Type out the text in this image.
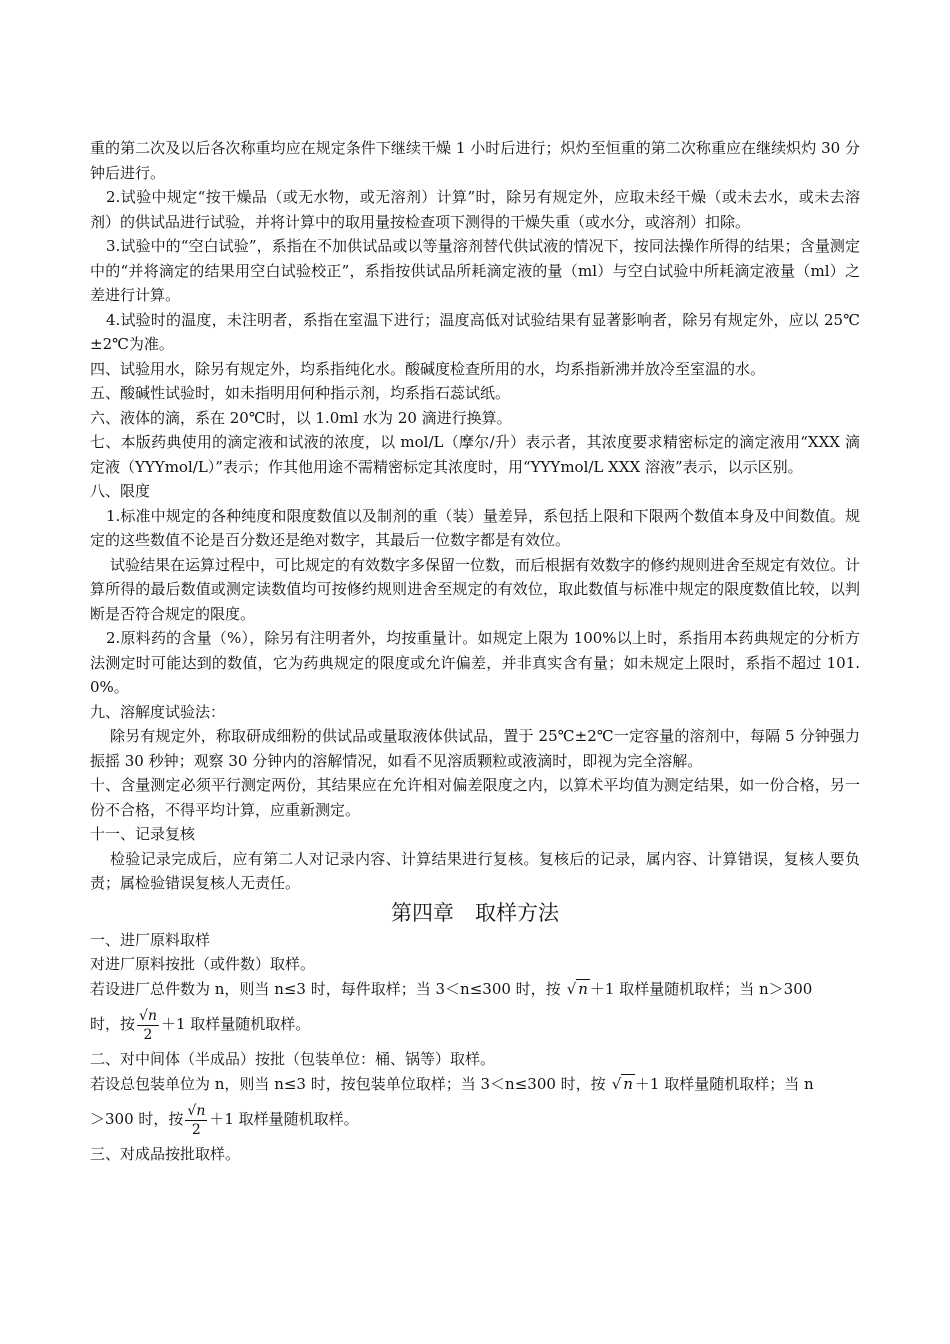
重的第二次及以后各次称重均应在规定条件下继续干燥 1 小时后进行；炽灼至恒重的第二次称重应在继续炽灼 30 分钟后进行。

2.试验中规定“按干燥品（或无水物，或无溶剂）计算”时，除另有规定外，应取未经干燥（或未去水，或未去溶剂）的供试品进行试验，并将计算中的取用量按检查项下测得的干燥失重（或水分，或溶剂）扣除。

3.试验中的“空白试验”，系指在不加供试品或以等量溶剂替代供试液的情况下，按同法操作所得的结果；含量测定中的“并将滴定的结果用空白试验校正”，系指按供试品所耗滴定液的量（ml）与空白试验中所耗滴定液量（ml）之差进行计算。

4.试验时的温度，未注明者，系指在室温下进行；温度高低对试验结果有显著影响者，除另有规定外，应以 25℃±2℃为准。

四、试验用水，除另有规定外，均系指纯化水。酸碱度检查所用的水，均系指新沸并放冷至室温的水。

五、酸碱性试验时，如未指明用何种指示剂，均系指石蕊试纸。

六、液体的滴，系在 20℃时，以 1.0ml 水为 20 滴进行换算。

七、本版药典使用的滴定液和试液的浓度，以 mol/L（摩尔/升）表示者，其浓度要求精密标定的滴定液用“XXX 滴定液（YYYmol/L）”表示；作其他用途不需精密标定其浓度时，用“YYYmol/L XXX 溶液”表示，以示区别。

八、限度

1.标准中规定的各种纯度和限度数值以及制剂的重（装）量差异，系包括上限和下限两个数值本身及中间数值。规定的这些数值不论是百分数还是绝对数字，其最后一位数字都是有效位。

试验结果在运算过程中，可比规定的有效数字多保留一位数，而后根据有效数字的修约规则进舍至规定有效位。计算所得的最后数值或测定读数值均可按修约规则进舍至规定的有效位，取此数值与标准中规定的限度数值比较，以判断是否符合规定的限度。

2.原料药的含量（%），除另有注明者外，均按重量计。如规定上限为 100%以上时，系指用本药典规定的分析方法测定时可能达到的数值，它为药典规定的限度或允许偏差，并非真实含有量；如未规定上限时，系指不超过 101.0%。

九、溶解度试验法：

除另有规定外，称取研成细粉的供试品或量取液体供试品，置于 25℃±2℃一定容量的溶剂中，每隔 5 分钟强力振摇 30 秒钟；观察 30 分钟内的溶解情况，如看不见溶质颗粒或液滴时，即视为完全溶解。

十、含量测定必须平行测定两份，其结果应在允许相对偏差限度之内，以算术平均值为测定结果，如一份合格，另一份不合格，不得平均计算，应重新测定。

十一、记录复核

检验记录完成后，应有第二人对记录内容、计算结果进行复核。复核后的记录，属内容、计算错误，复核人要负责；属检验错误复核人无责任。

第四章　取样方法

一、进厂原料取样

对进厂原料按批（或件数）取样。

若设进厂总件数为 n，则当 n≤3 时，每件取样；当 3＜n≤300 时，按 √ n ＋1 取样量随机取样；当 n＞300

时，按 $\frac{√n}{2} +1$ 取样量随机取样。

二、对中间体（半成品）按批（包装单位：桶、锅等）取样。

若设总包装单位为 n，则当 n≤3 时，按包装单位取样；当 3＜n≤300 时，按 √ n ＋1 取样量随机取样；当 n

＞300 时，按 $\frac{√n}{2} +1$ 取样量随机取样。

三、对成品按批取样。
